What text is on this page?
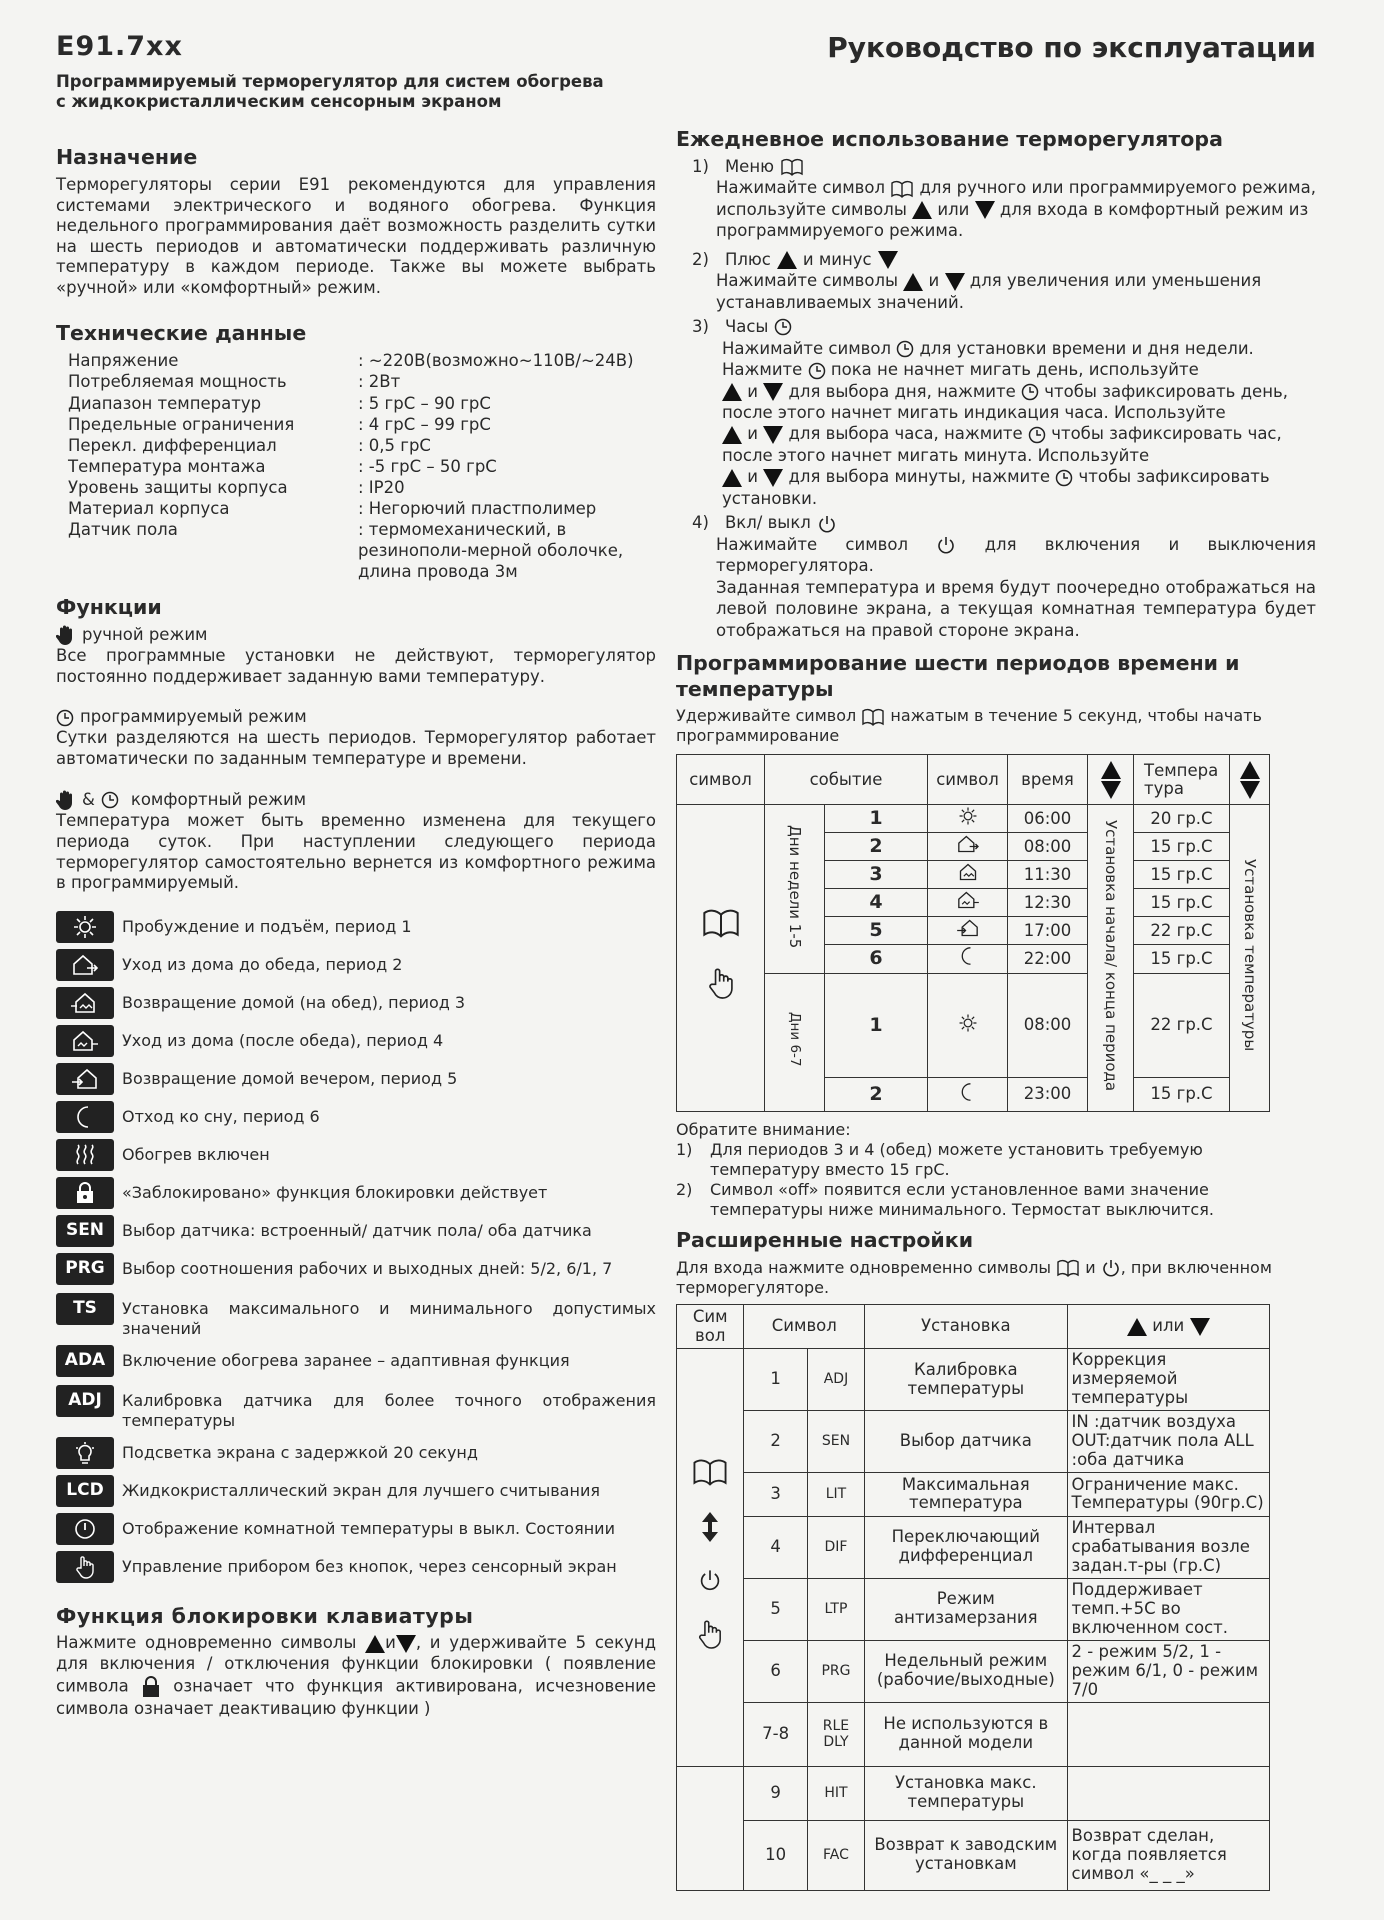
E91.7xx
Программируемый терморегулятор для систем обогрева
с жидкокристаллическим сенсорным экраном
Назначение

Терморегуляторы серии E91 рекомендуются для управления системами электрического и водяного обогрева. Функция недельного программирования даёт возможность разделить сутки на шесть периодов и автоматически поддерживать различную температуру в каждом периоде. Также вы можете выбрать «ручной» или «комфортный» режим.

Технические данные
Напряжение	: ~220В(возможно~110В/~24В)
Потребляемая мощность	: 2Вт
Диапазон температур	: 5 грС – 90 грС
Предельные ограничения	: 4 грС – 99 грС
Перекл. дифференциал	: 0,5 грС
Температура монтажа	: -5 грС – 50 грС
Уровень защиты корпуса	: IP20
Материал корпуса	: Негорючий пластполимер
Датчик пола	: термомеханический, в резинополи-мерной оболочке, длина провода 3м
Функции
ручной режим

Все программные установки не действуют, терморегулятор постоянно поддерживает заданную вами температуру.

программируемый режим

Сутки разделяются на шесть периодов. Терморегулятор работает автоматически по заданным температуре и времени.

& комфортный режим

Температура может быть временно изменена для текущего периода суток. При наступлении следующего периода терморегулятор самостоятельно вернется из комфортного режима в программируемый.

Пробуждение и подъём, период 1
Уход из дома до обеда, период 2
Возвращение домой (на обед), период 3
Уход из дома (после обеда), период 4
Возвращение домой вечером, период 5
Отход ко сну, период 6
Обогрев включен
«Заблокировано» функция блокировки действует
SEN	Выбор датчика: встроенный/ датчик пола/ оба датчика
PRG	Выбор соотношения рабочих и выходных дней: 5/2, 6/1, 7
TS	Установка максимального и минимального допустимых значений
ADA	Включение обогрева заранее – адаптивная функция
ADJ	Калибровка датчика для более точного отображения температуры
Подсветка экрана с задержкой 20 секунд
LCD	Жидкокристаллический экран для лучшего считывания
Отображение комнатной температуры в выкл. Состоянии
Управление прибором без кнопок, через сенсорный экран
Функция блокировки клавиатуры

Нажмите одновременно символы и , и удерживайте 5 секунд для включения / отключения функции блокировки ( появление символа	означает что функция активирована, исчезновение символа означает деактивацию функции )

Руководство по эксплуатации
Ежедневное использование терморегулятора
1) Меню
Нажимайте символ для ручного или программируемого режима, используйте символы или для входа в комфортный режим из программируемого режима.
2) Плюс и минус
Нажимайте символы и для увеличения или уменьшения устанавливаемых значений.
3) Часы
Нажимайте символ для установки времени и дня недели.
Нажмите пока не начнет мигать день, используйте
и для выбора дня, нажмите чтобы зафиксировать день, после этого начнет мигать индикация часа. Используйте
и для выбора часа, нажмите чтобы зафиксировать час, после этого начнет мигать минута. Используйте
и для выбора минуты, нажмите чтобы зафиксировать установки.
4) Вкл/ выкл
Нажимайте символ	для включения и выключения терморегулятора.
Заданная температура и время будут поочередно отображаться на левой половине экрана, а текущая комнатная температура будет отображаться на правой стороне экрана.
Программирование шести периодов времени и температуры
Удерживайте символ нажатым в течение 5 секунд, чтобы начать программирование
символ	событие		символ	время		Темпера тура	

	Дни недели 1-5	1		06:00	Установка начала/ конца периода	20 гр.С	Установка температуры
		2		08:00		15 гр.С	
		3		11:30		15 гр.С	
		4		12:30		15 гр.С	
		5		17:00		22 гр.С	
		6		22:00		15 гр.С	
	Дни 6-7	1		08:00		22 гр.С	
		2		23:00		15 гр.С	
Обратите внимание:
1)	Для периодов 3 и 4 (обед) можете установить требуемую температуру вместо 15 грС.
2)	Символ «off» появится если установленное вами значение температуры ниже минимального. Термостат выключится.
Расширенные настройки
Для входа нажмите одновременно символы и , при включенном терморегуляторе.
Сим вол	Символ		Установка	или

	1	ADJ	Калибровка температуры	Коррекция измеряемой температуры
	2	SEN	Выбор датчика	IN :датчик воздуха OUT:датчик пола ALL :оба датчика
	3	LIT	Максимальная температура	Ограничение макс. Температуры (90гр.С)
	4	DIF	Переключающий дифференциал	Интервал срабатывания возле задан.т-ры (гр.С)
	5	LTP	Режим антизамерзания	Поддерживает темп.+5С во включенном сост.
	6	PRG	Недельный режим (рабочие/выходные)	2 - режим 5/2, 1 - режим 6/1, 0 - режим 7/0
	7-8	RLE DLY	Не используются в данной модели	
	9	HIT	Установка макс. температуры	
	10	FAC	Возврат к заводским установкам	Возврат сделан, когда появляется символ «_ _ _»
